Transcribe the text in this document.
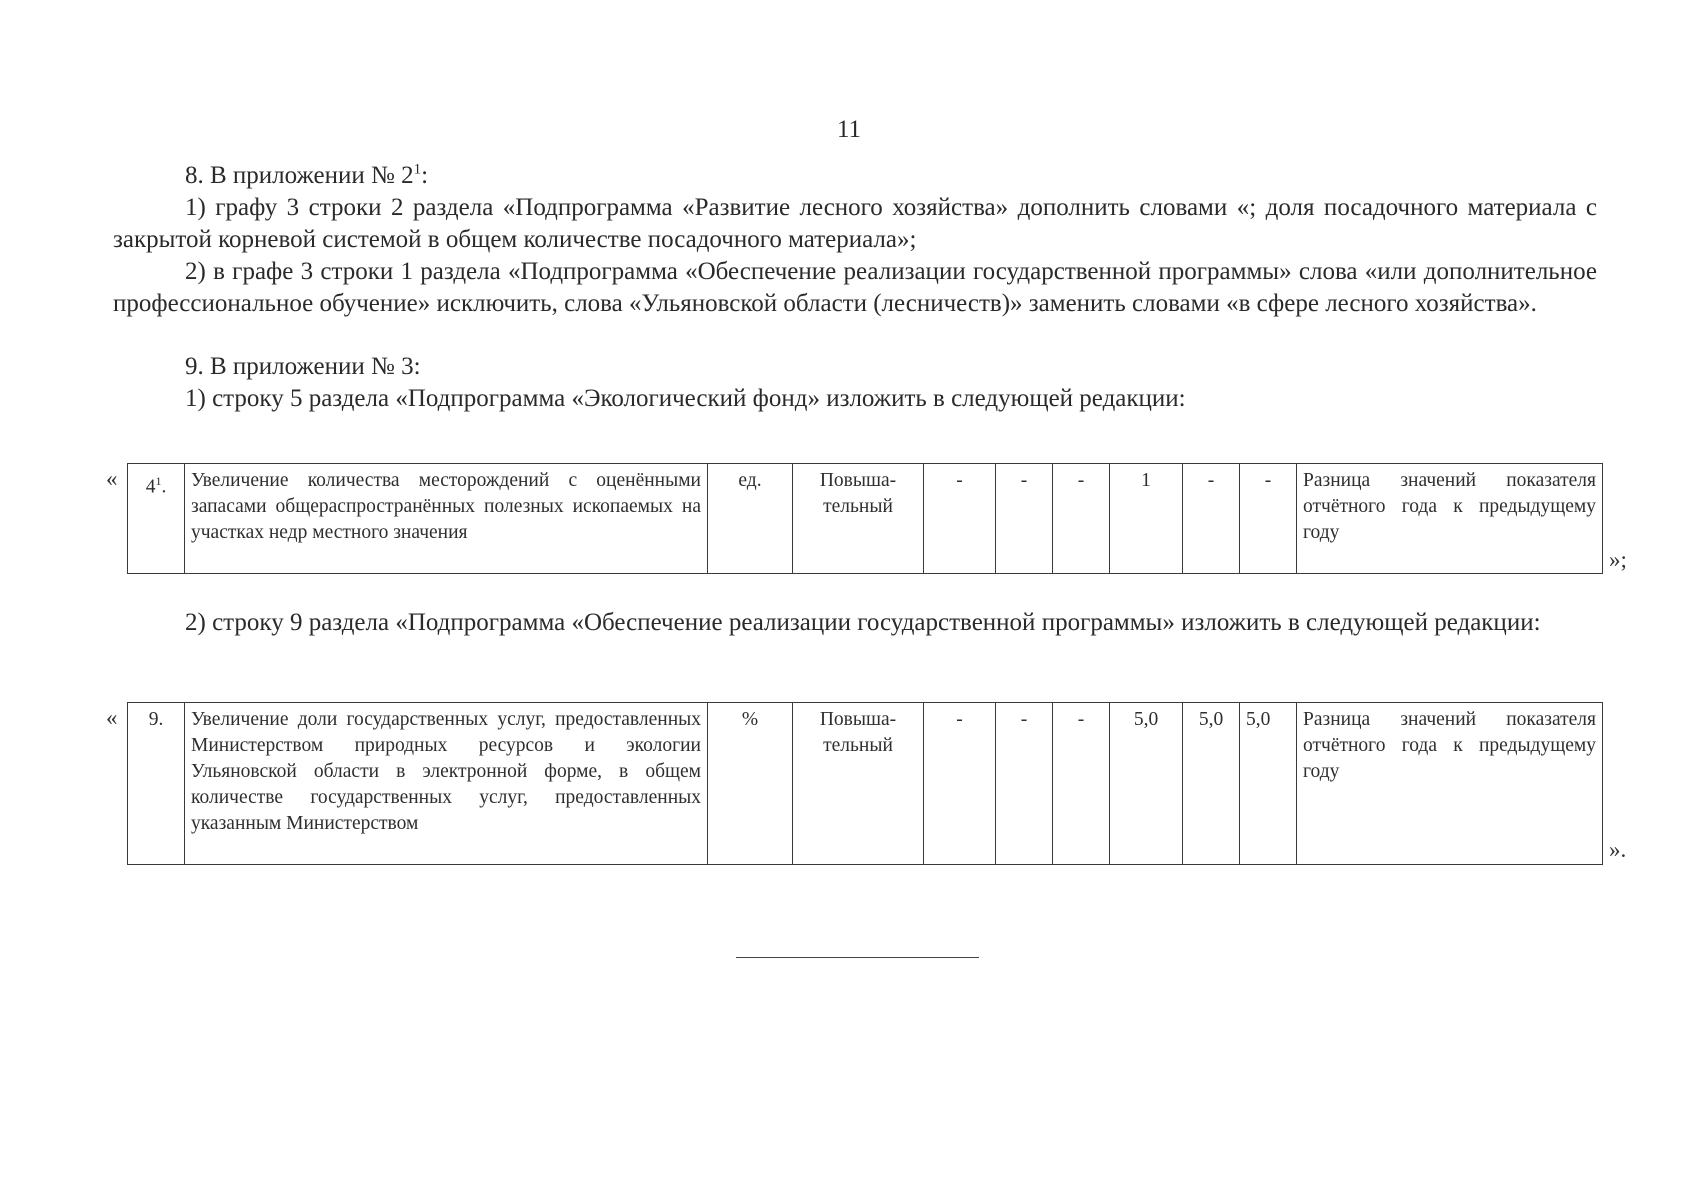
11
8. В приложении № $2^1$:
1) графу 3 строки 2 раздела «Подпрограмма «Развитие лесного хозяйства» дополнить словами «; доля посадочного материала с закрытой корневой системой в общем количестве посадочного материала»;
2) в графе 3 строки 1 раздела «Подпрограмма «Обеспечение реализации государственной программы» слова «или дополнительное профессиональное обучение» исключить, слова «Ульяновской области (лесничеств)» заменить словами «в сфере лесного хозяйства».
9. В приложении № 3:
1) строку 5 раздела «Подпрограмма «Экологический фонд» изложить в следующей редакции:
« $4^1$.	Увеличение количества месторождений с оценёнными запасами общераспространённых полезных ископаемых на участках недр местного значения	ед.	Повыша-тельный	-	-	-	1	-	-	Разница значений показателя отчётного года к предыдущему году
»;
2) строку 9 раздела «Подпрограмма «Обеспечение реализации государственной программы» изложить в следующей редакции:
« 9.	Увеличение доли государственных услуг, предоставленных Министерством природных ресурсов и экологии Ульяновской области в электронной форме, в общем количестве государственных услуг, предоставленных указанным Министерством	%	Повыша-тельный	-	-	-	5,0	5,0	5,0	Разница значений показателя отчётного года к предыдущему году
».
